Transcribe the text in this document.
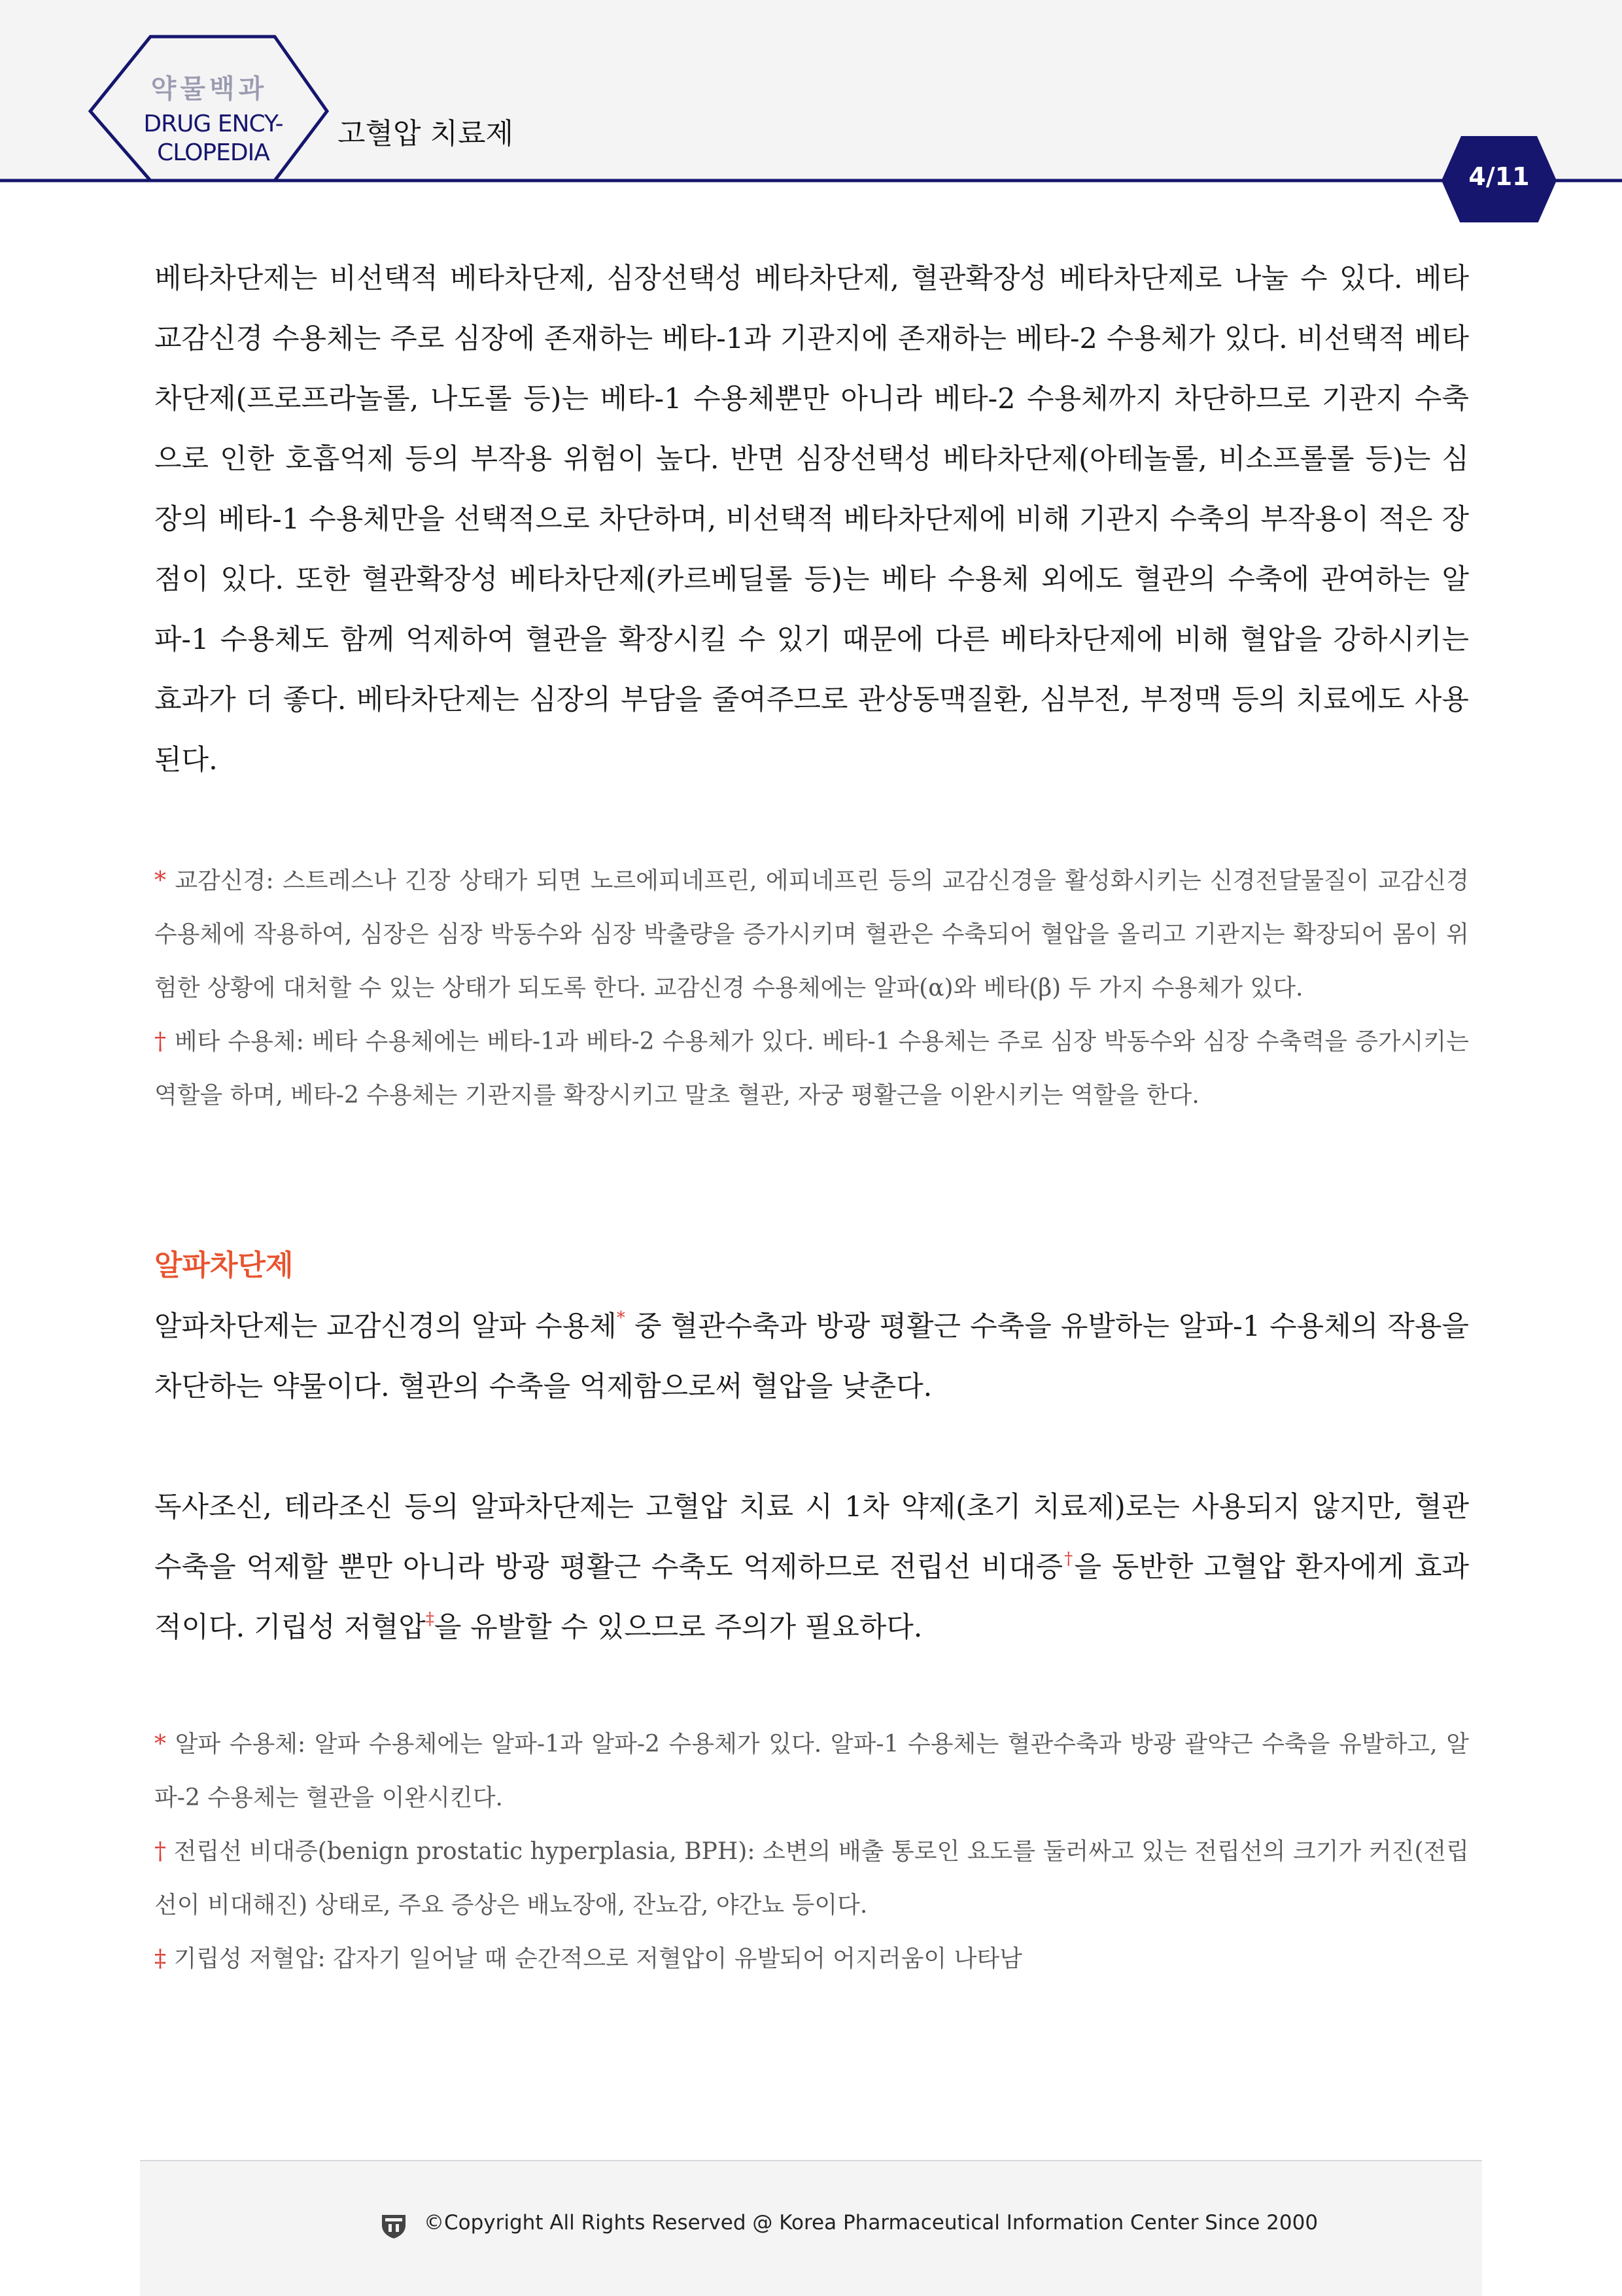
약물백과
DRUG ENCY-
CLOPEDIA
고혈압 치료제
4/11

베타차단제는 비선택적 베타차단제, 심장선택성 베타차단제, 혈관확장성 베타차단제로 나눌 수 있다. 베타 교감신경 수용체는 주로 심장에 존재하는 베타-1과 기관지에 존재하는 베타-2 수용체가 있다. 비선택적 베타차단제(프로프라놀롤, 나도롤 등)는 베타-1 수용체뿐만 아니라 베타-2 수용체까지 차단하므로 기관지 수축으로 인한 호흡억제 등의 부작용 위험이 높다. 반면 심장선택성 베타차단제(아테놀롤, 비소프롤롤 등)는 심장의 베타-1 수용체만을 선택적으로 차단하며, 비선택적 베타차단제에 비해 기관지 수축의 부작용이 적은 장점이 있다. 또한 혈관확장성 베타차단제(카르베딜롤 등)는 베타 수용체 외에도 혈관의 수축에 관여하는 알파-1 수용체도 함께 억제하여 혈관을 확장시킬 수 있기 때문에 다른 베타차단제에 비해 혈압을 강하시키는 효과가 더 좋다. 베타차단제는 심장의 부담을 줄여주므로 관상동맥질환, 심부전, 부정맥 등의 치료에도 사용된다.

* 교감신경: 스트레스나 긴장 상태가 되면 노르에피네프린, 에피네프린 등의 교감신경을 활성화시키는 신경전달물질이 교감신경 수용체에 작용하여, 심장은 심장 박동수와 심장 박출량을 증가시키며 혈관은 수축되어 혈압을 올리고 기관지는 확장되어 몸이 위험한 상황에 대처할 수 있는 상태가 되도록 한다. 교감신경 수용체에는 알파(α)와 베타(β) 두 가지 수용체가 있다.

† 베타 수용체: 베타 수용체에는 베타-1과 베타-2 수용체가 있다. 베타-1 수용체는 주로 심장 박동수와 심장 수축력을 증가시키는 역할을 하며, 베타-2 수용체는 기관지를 확장시키고 말초 혈관, 자궁 평활근을 이완시키는 역할을 한다.

알파차단제

알파차단제는 교감신경의 알파 수용체* 중 혈관수축과 방광 평활근 수축을 유발하는 알파-1 수용체의 작용을 차단하는 약물이다. 혈관의 수축을 억제함으로써 혈압을 낮춘다.

독사조신, 테라조신 등의 알파차단제는 고혈압 치료 시 1차 약제(초기 치료제)로는 사용되지 않지만, 혈관 수축을 억제할 뿐만 아니라 방광 평활근 수축도 억제하므로 전립선 비대증†을 동반한 고혈압 환자에게 효과적이다. 기립성 저혈압‡을 유발할 수 있으므로 주의가 필요하다.

* 알파 수용체: 알파 수용체에는 알파-1과 알파-2 수용체가 있다. 알파-1 수용체는 혈관수축과 방광 괄약근 수축을 유발하고, 알파-2 수용체는 혈관을 이완시킨다.

† 전립선 비대증(benign prostatic hyperplasia, BPH): 소변의 배출 통로인 요도를 둘러싸고 있는 전립선의 크기가 커진(전립선이 비대해진) 상태로, 주요 증상은 배뇨장애, 잔뇨감, 야간뇨 등이다.

‡ 기립성 저혈압: 갑자기 일어날 때 순간적으로 저혈압이 유발되어 어지러움이 나타남

©Copyright All Rights Reserved @ Korea Pharmaceutical Information Center Since 2000
